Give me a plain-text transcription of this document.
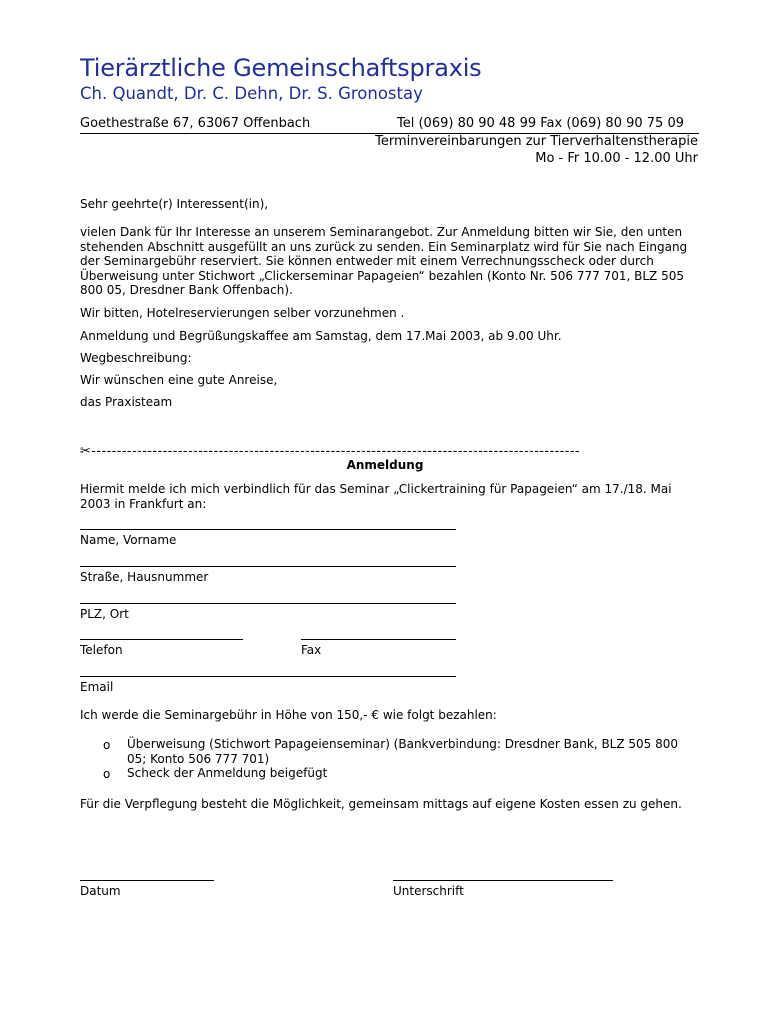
Tierärztliche Gemeinschaftspraxis
Ch. Quandt, Dr. C. Dehn, Dr. S. Gronostay
Goethestraße 67, 63067 Offenbach	Tel (069) 80 90 48 99 Fax (069) 80 90 75 09
Terminvereinbarungen zur Tierverhaltenstherapie
Mo - Fr 10.00 - 12.00 Uhr
Sehr geehrte(r) Interessent(in),
vielen Dank für Ihr Interesse an unserem Seminarangebot. Zur Anmeldung bitten wir Sie, den unten stehenden Abschnitt ausgefüllt an uns zurück zu senden. Ein Seminarplatz wird für Sie nach Eingang der Seminargebühr reserviert. Sie können entweder mit einem Verrechnungsscheck oder durch Überweisung unter Stichwort „Clickerseminar Papageien“ bezahlen (Konto Nr. 506 777 701, BLZ 505 800 05, Dresdner Bank Offenbach).
Wir bitten, Hotelreservierungen selber vorzunehmen .
Anmeldung und Begrüßungskaffee am Samstag, dem 17.Mai 2003, ab 9.00 Uhr.
Wegbeschreibung:
Wir wünschen eine gute Anreise,
das Praxisteam
✂------------------------------------------------------------------------------------------------
Anmeldung
Hiermit melde ich mich verbindlich für das Seminar „Clickertraining für Papageien“ am 17./18. Mai 2003 in Frankfurt an:
Name, Vorname
Straße, Hausnummer
PLZ, Ort
Telefon	Fax
Email
Ich werde die Seminargebühr in Höhe von 150,- € wie folgt bezahlen:
o Überweisung (Stichwort Papageienseminar) (Bankverbindung: Dresdner Bank, BLZ 505 800 05; Konto 506 777 701)
o Scheck der Anmeldung beigefügt
Für die Verpflegung besteht die Möglichkeit, gemeinsam mittags auf eigene Kosten essen zu gehen.
Datum	Unterschrift
